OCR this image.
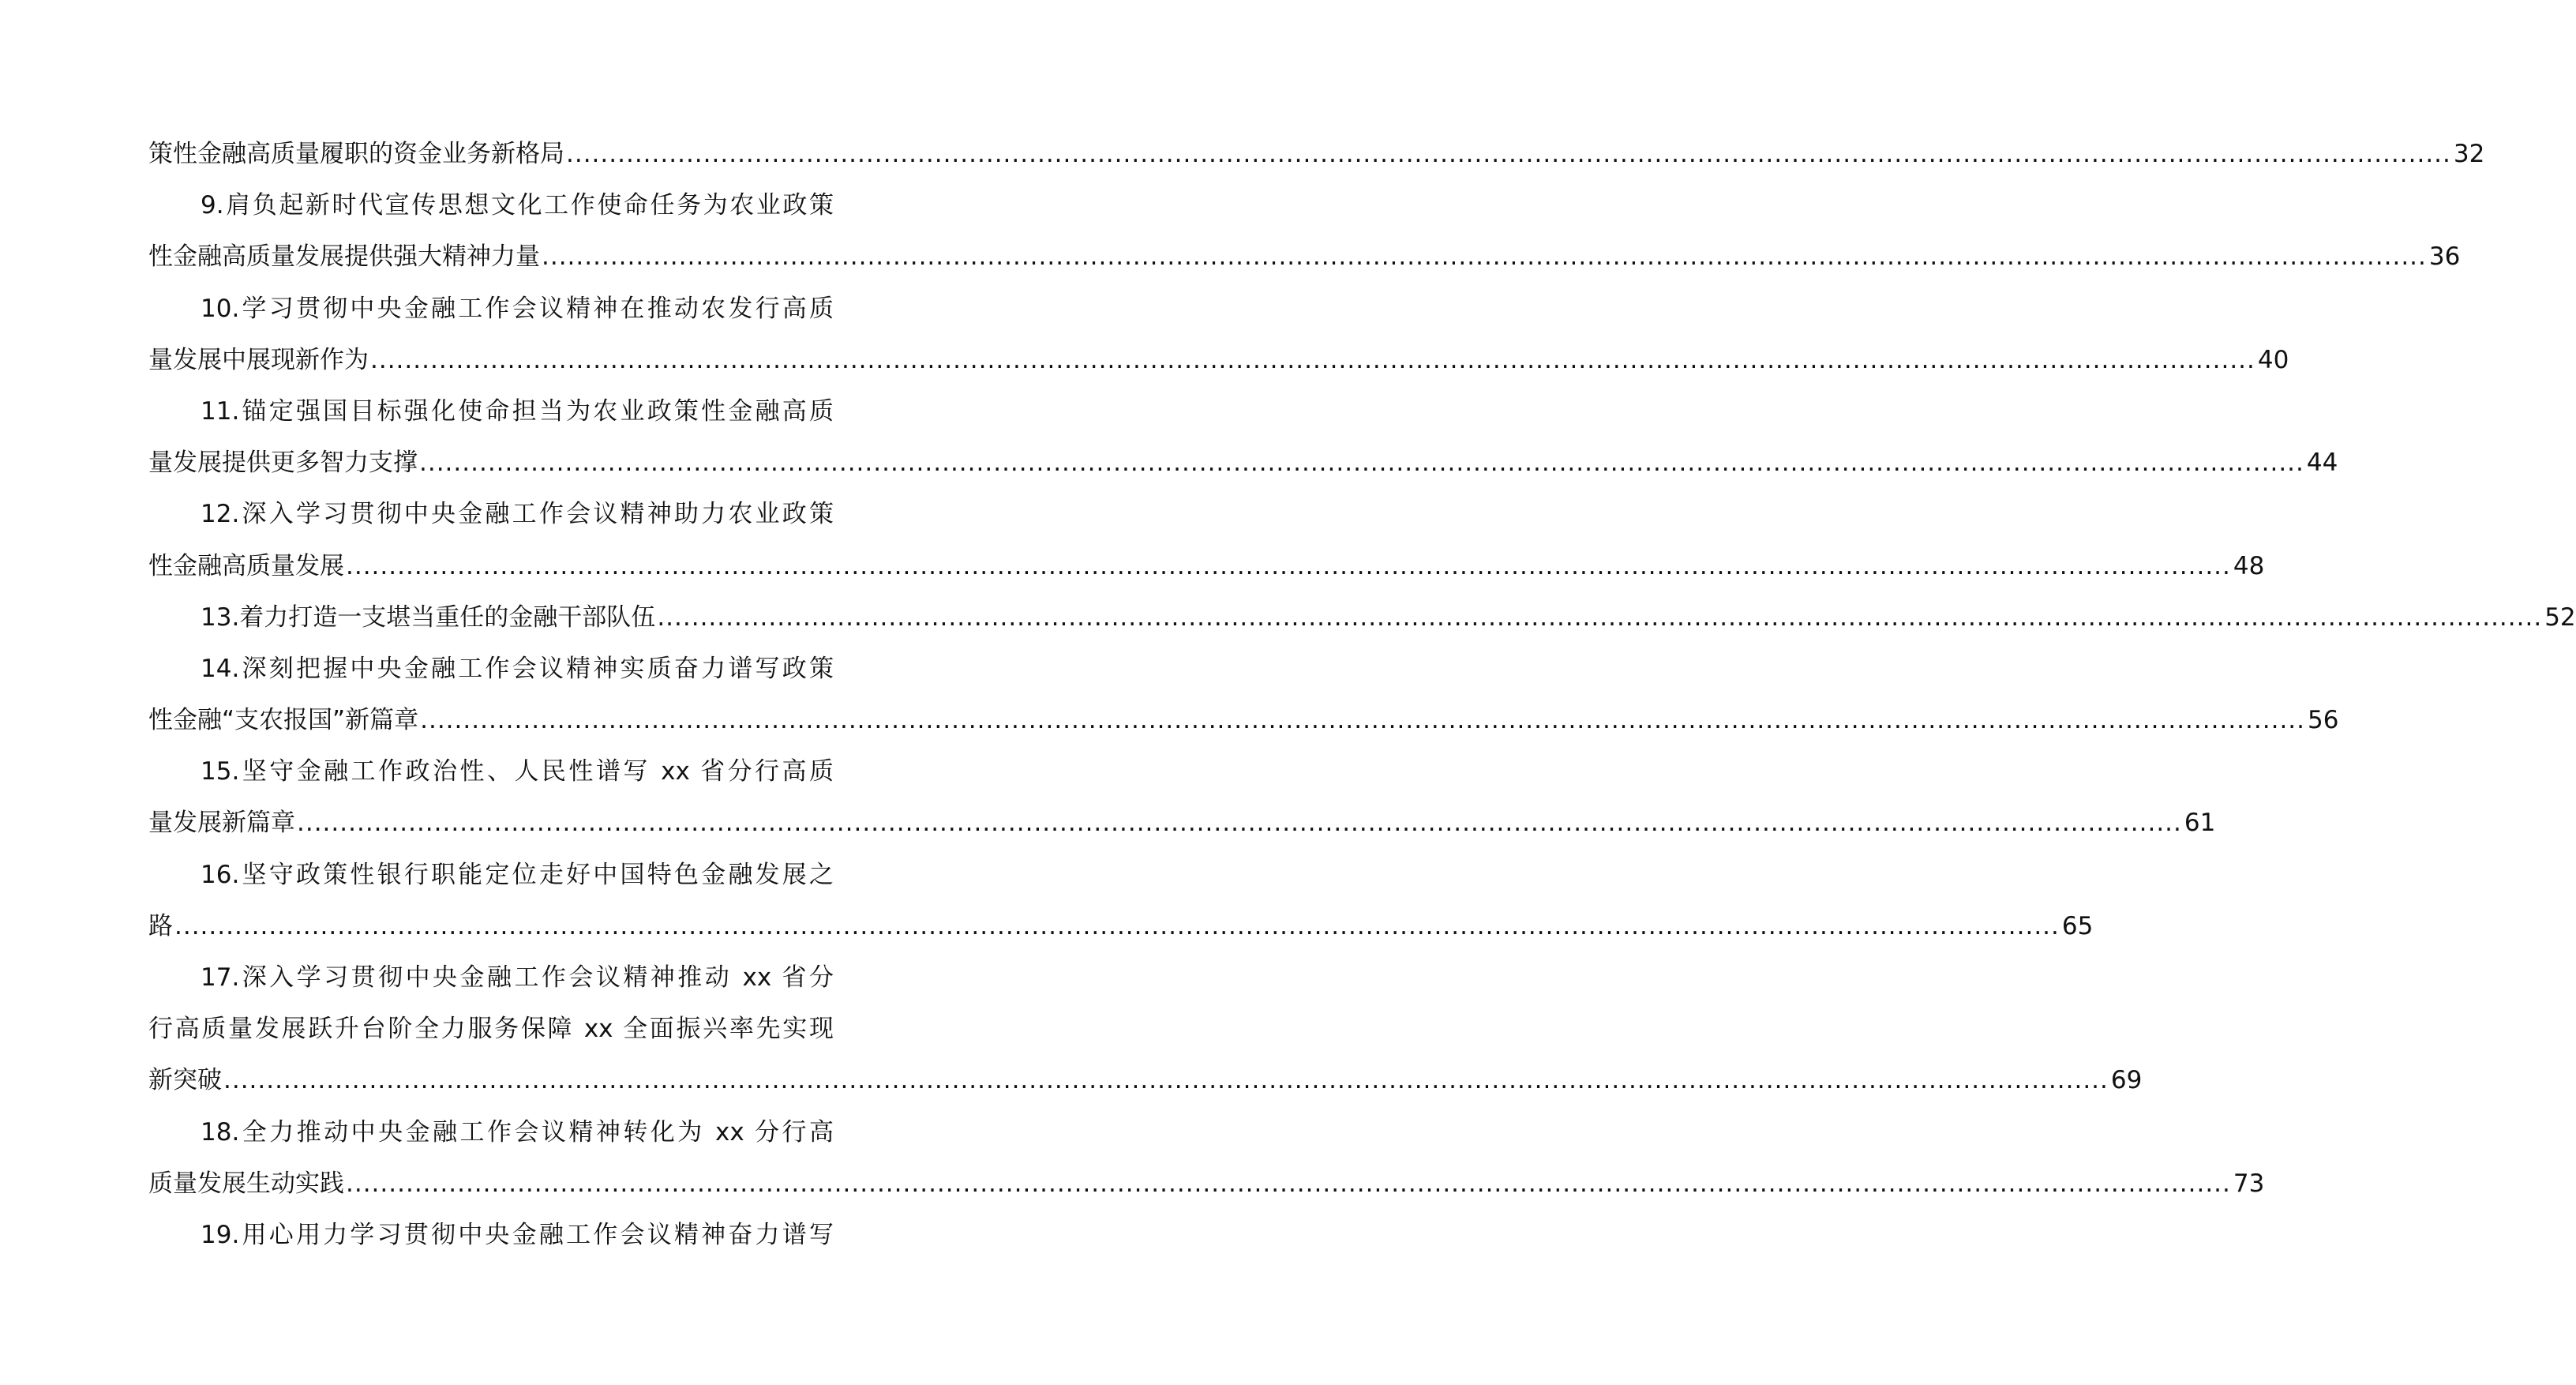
策性金融高质量履职的资金业务新格局 ............................................................................................................................................................................................................................ 32
9.肩负起新时代宣传思想文化工作使命任务为农业政策
性金融高质量发展提供强大精神力量 ............................................................................................................................................................................................................................ 36
10.学习贯彻中央金融工作会议精神在推动农发行高质
量发展中展现新作为 ............................................................................................................................................................................................................................ 40
11.锚定强国目标强化使命担当为农业政策性金融高质
量发展提供更多智力支撑 ............................................................................................................................................................................................................................ 44
12.深入学习贯彻中央金融工作会议精神助力农业政策
性金融高质量发展 ............................................................................................................................................................................................................................ 48
13.着力打造一支堪当重任的金融干部队伍 ............................................................................................................................................................................................................................ 52
14.深刻把握中央金融工作会议精神实质奋力谱写政策
性金融“支农报国”新篇章 ............................................................................................................................................................................................................................ 56
15.坚守金融工作政治性、人民性谱写 xx 省分行高质
量发展新篇章 ............................................................................................................................................................................................................................ 61
16.坚守政策性银行职能定位走好中国特色金融发展之
路 ............................................................................................................................................................................................................................ 65
17.深入学习贯彻中央金融工作会议精神推动 xx 省分
行高质量发展跃升台阶全力服务保障 xx 全面振兴率先实现
新突破 ............................................................................................................................................................................................................................ 69
18.全力推动中央金融工作会议精神转化为 xx 分行高
质量发展生动实践 ............................................................................................................................................................................................................................ 73
19.用心用力学习贯彻中央金融工作会议精神奋力谱写
